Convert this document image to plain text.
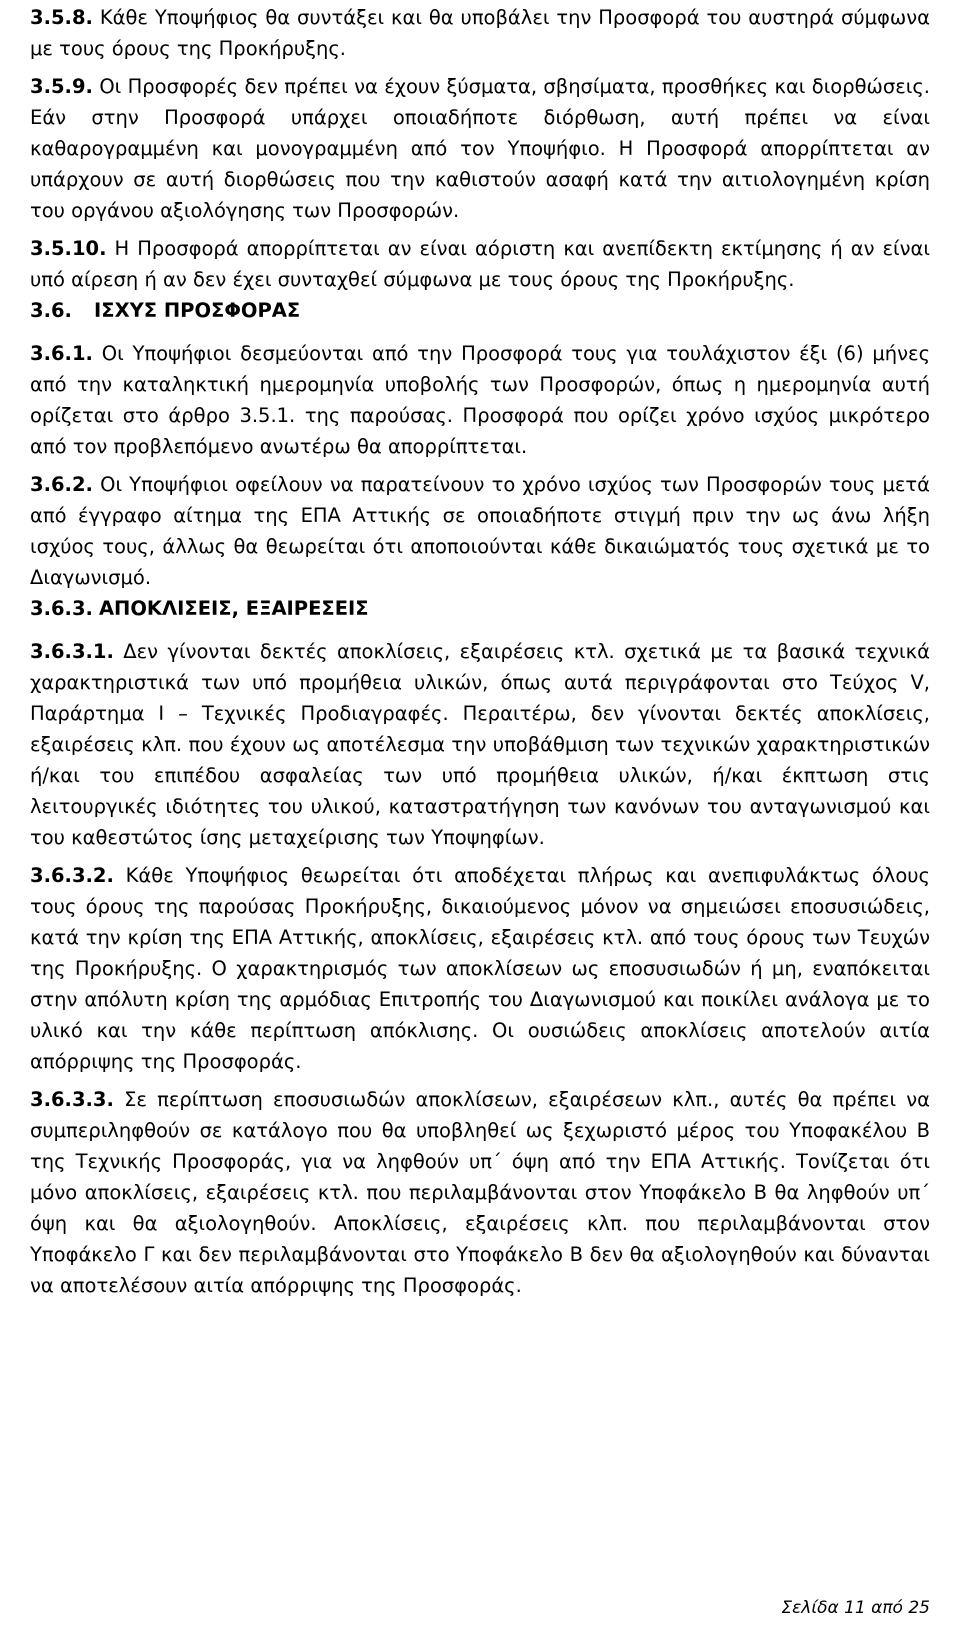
3.5.8. Κάθε Υποψήφιος θα συντάξει και θα υποβάλει την Προσφορά του αυστηρά σύμφωνα με τους όρους της Προκήρυξης.

3.5.9. Οι Προσφορές δεν πρέπει να έχουν ξύσματα, σβησίματα, προσθήκες και διορθώσεις. Εάν στην Προσφορά υπάρχει οποιαδήποτε διόρθωση, αυτή πρέπει να είναι καθαρογραμμένη και μονογραμμένη από τον Υποψήφιο. Η Προσφορά απορρίπτεται αν υπάρχουν σε αυτή διορθώσεις που την καθιστούν ασαφή κατά την αιτιολογημένη κρίση του οργάνου αξιολόγησης των Προσφορών.

3.5.10. Η Προσφορά απορρίπτεται αν είναι αόριστη και ανεπίδεκτη εκτίμησης ή αν είναι υπό αίρεση ή αν δεν έχει συνταχθεί σύμφωνα με τους όρους της Προκήρυξης.

3.6. ΙΣΧΥΣ ΠΡΟΣΦΟΡΑΣ

3.6.1. Οι Υποψήφιοι δεσμεύονται από την Προσφορά τους για τουλάχιστον έξι (6) μήνες από την καταληκτική ημερομηνία υποβολής των Προσφορών, όπως η ημερομηνία αυτή ορίζεται στο άρθρο 3.5.1. της παρούσας. Προσφορά που ορίζει χρόνο ισχύος μικρότερο από τον προβλεπόμενο ανωτέρω θα απορρίπτεται.

3.6.2. Οι Υποψήφιοι οφείλουν να παρατείνουν το χρόνο ισχύος των Προσφορών τους μετά από έγγραφο αίτημα της ΕΠΑ Αττικής σε οποιαδήποτε στιγμή πριν την ως άνω λήξη ισχύος τους, άλλως θα θεωρείται ότι αποποιούνται κάθε δικαιώματός τους σχετικά με το Διαγωνισμό.

3.6.3. ΑΠΟΚΛΙΣΕΙΣ, ΕΞΑΙΡΕΣΕΙΣ

3.6.3.1. Δεν γίνονται δεκτές αποκλίσεις, εξαιρέσεις κτλ. σχετικά με τα βασικά τεχνικά χαρακτηριστικά των υπό προμήθεια υλικών, όπως αυτά περιγράφονται στο Τεύχος V, Παράρτημα Ι – Τεχνικές Προδιαγραφές. Περαιτέρω, δεν γίνονται δεκτές αποκλίσεις, εξαιρέσεις κλπ. που έχουν ως αποτέλεσμα την υποβάθμιση των τεχνικών χαρακτηριστικών ή/και του επιπέδου ασφαλείας των υπό προμήθεια υλικών, ή/και έκπτωση στις λειτουργικές ιδιότητες του υλικού, καταστρατήγηση των κανόνων του ανταγωνισμού και του καθεστώτος ίσης μεταχείρισης των Υποψηφίων.

3.6.3.2. Κάθε Υποψήφιος θεωρείται ότι αποδέχεται πλήρως και ανεπιφυλάκτως όλους τους όρους της παρούσας Προκήρυξης, δικαιούμενος μόνον να σημειώσει εποσυσιώδεις, κατά την κρίση της ΕΠΑ Αττικής, αποκλίσεις, εξαιρέσεις κτλ. από τους όρους των Τευχών της Προκήρυξης. Ο χαρακτηρισμός των αποκλίσεων ως εποσυσιωδών ή μη, εναπόκειται στην απόλυτη κρίση της αρμόδιας Επιτροπής του Διαγωνισμού και ποικίλει ανάλογα με το υλικό και την κάθε περίπτωση απόκλισης. Οι ουσιώδεις αποκλίσεις αποτελούν αιτία απόρριψης της Προσφοράς.

3.6.3.3. Σε περίπτωση εποσυσιωδών αποκλίσεων, εξαιρέσεων κλπ., αυτές θα πρέπει να συμπεριληφθούν σε κατάλογο που θα υποβληθεί ως ξεχωριστό μέρος του Υποφακέλου Β της Τεχνικής Προσφοράς, για να ληφθούν υπ΄ όψη από την ΕΠΑ Αττικής. Τονίζεται ότι μόνο αποκλίσεις, εξαιρέσεις κτλ. που περιλαμβάνονται στον Υποφάκελο Β θα ληφθούν υπ΄ όψη και θα αξιολογηθούν. Αποκλίσεις, εξαιρέσεις κλπ. που περιλαμβάνονται στον Υποφάκελο Γ και δεν περιλαμβάνονται στο Υποφάκελο Β δεν θα αξιολογηθούν και δύνανται να αποτελέσουν αιτία απόρριψης της Προσφοράς.

Σελίδα 11 από 25
